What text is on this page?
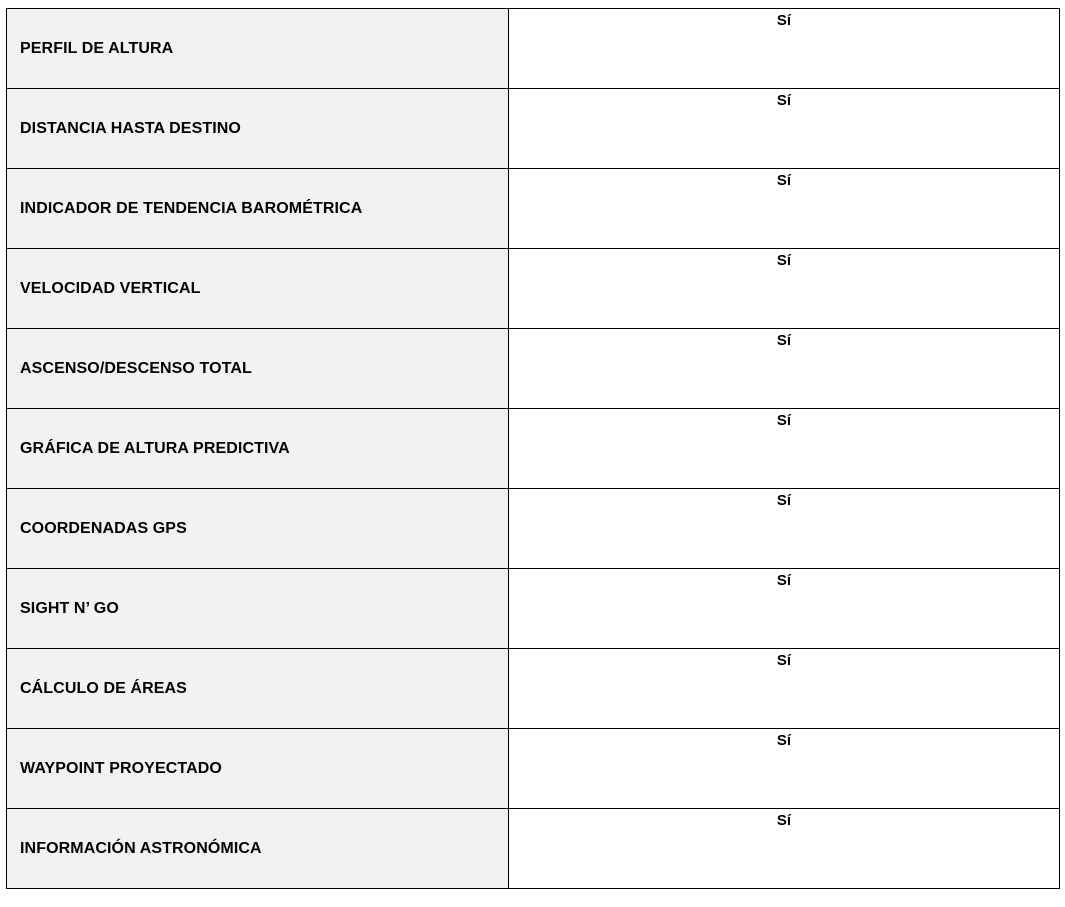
PERFIL DE ALTURA	Sí
DISTANCIA HASTA DESTINO	Sí
INDICADOR DE TENDENCIA BAROMÉTRICA	Sí
VELOCIDAD VERTICAL	Sí
ASCENSO/DESCENSO TOTAL	Sí
GRÁFICA DE ALTURA PREDICTIVA	Sí
COORDENADAS GPS	Sí
SIGHT N’ GO	Sí
CÁLCULO DE ÁREAS	Sí
WAYPOINT PROYECTADO	Sí
INFORMACIÓN ASTRONÓMICA	Sí
